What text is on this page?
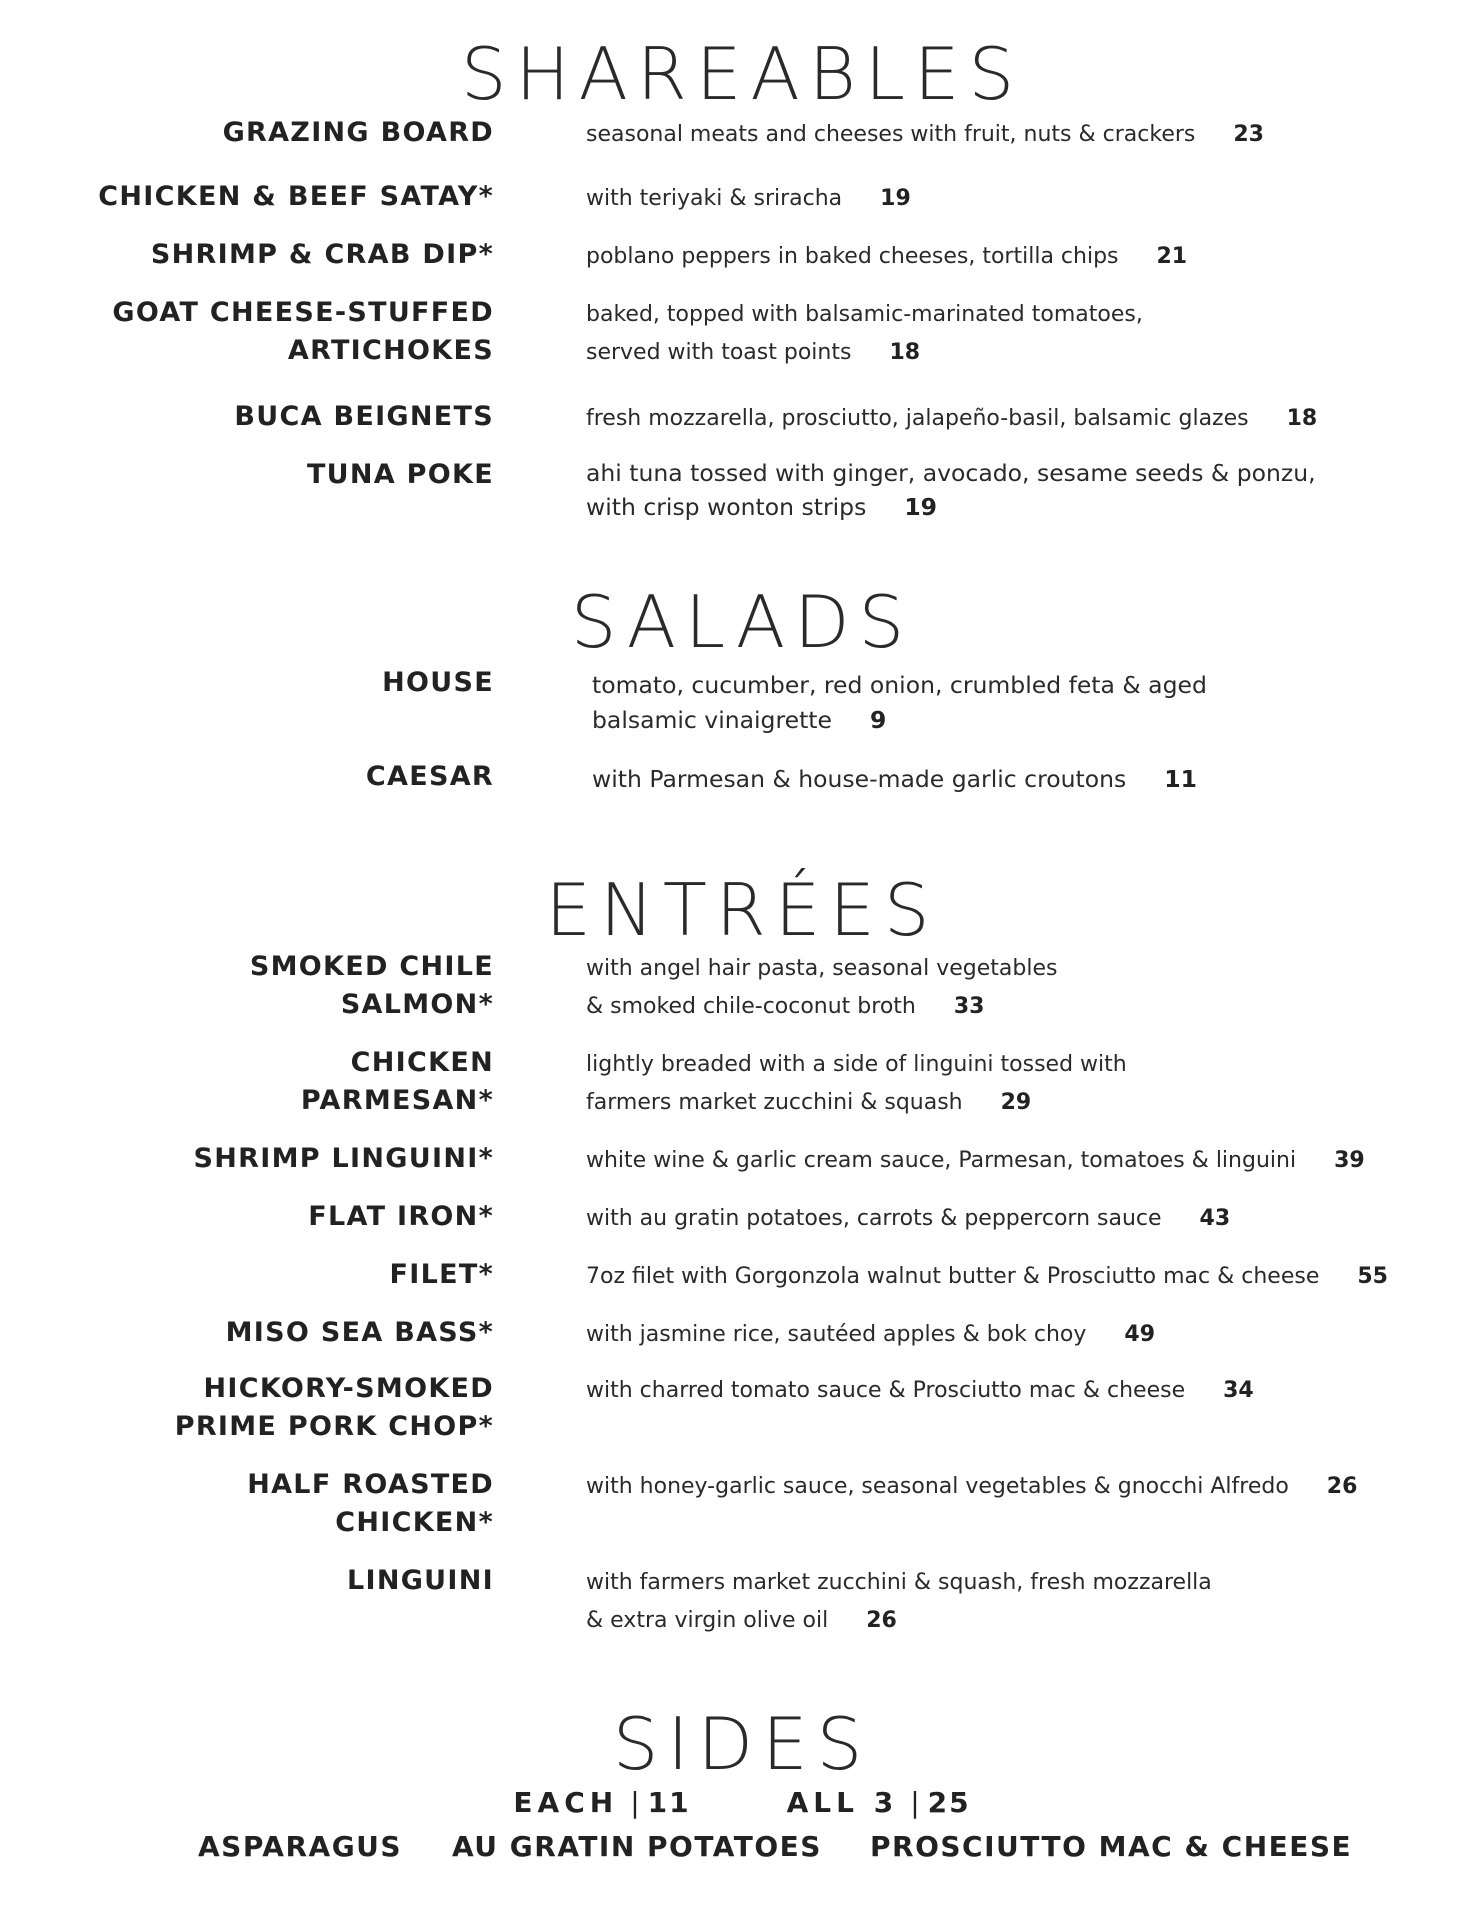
SHAREABLES
GRAZING BOARD	seasonal meats and cheeses with fruit, nuts & crackers 23
CHICKEN & BEEF SATAY*	with teriyaki & sriracha 19
SHRIMP & CRAB DIP*	poblano peppers in baked cheeses, tortilla chips 21
GOAT CHEESE-STUFFED
ARTICHOKES
baked, topped with balsamic-marinated tomatoes,
served with toast points 18
BUCA BEIGNETS	fresh mozzarella, prosciutto, jalapeño-basil, balsamic glazes 18
TUNA POKE	ahi tuna tossed with ginger, avocado, sesame seeds & ponzu,
with crisp wonton strips 19
SALADS
HOUSE	tomato, cucumber, red onion, crumbled feta & aged
balsamic vinaigrette 9
CAESAR	with Parmesan & house-made garlic croutons 11
ENTRÉES
SMOKED CHILE
SALMON*
with angel hair pasta, seasonal vegetables
& smoked chile-coconut broth 33
CHICKEN
PARMESAN*
lightly breaded with a side of linguini tossed with
farmers market zucchini & squash 29
SHRIMP LINGUINI*	white wine & garlic cream sauce, Parmesan, tomatoes & linguini 39
FLAT IRON*	with au gratin potatoes, carrots & peppercorn sauce 43
FILET*	7oz filet with Gorgonzola walnut butter & Prosciutto mac & cheese 55
MISO SEA BASS*	with jasmine rice, sautéed apples & bok choy 49
HICKORY-SMOKED
PRIME PORK CHOP*
with charred tomato sauce & Prosciutto mac & cheese 34
HALF ROASTED
CHICKEN*
with honey-garlic sauce, seasonal vegetables & gnocchi Alfredo 26
LINGUINI	with farmers market zucchini & squash, fresh mozzarella
& extra virgin olive oil 26
SIDES
EACH | 11	ALL 3 | 25
ASPARAGUS AU GRATIN POTATOES PROSCIUTTO MAC & CHEESE
